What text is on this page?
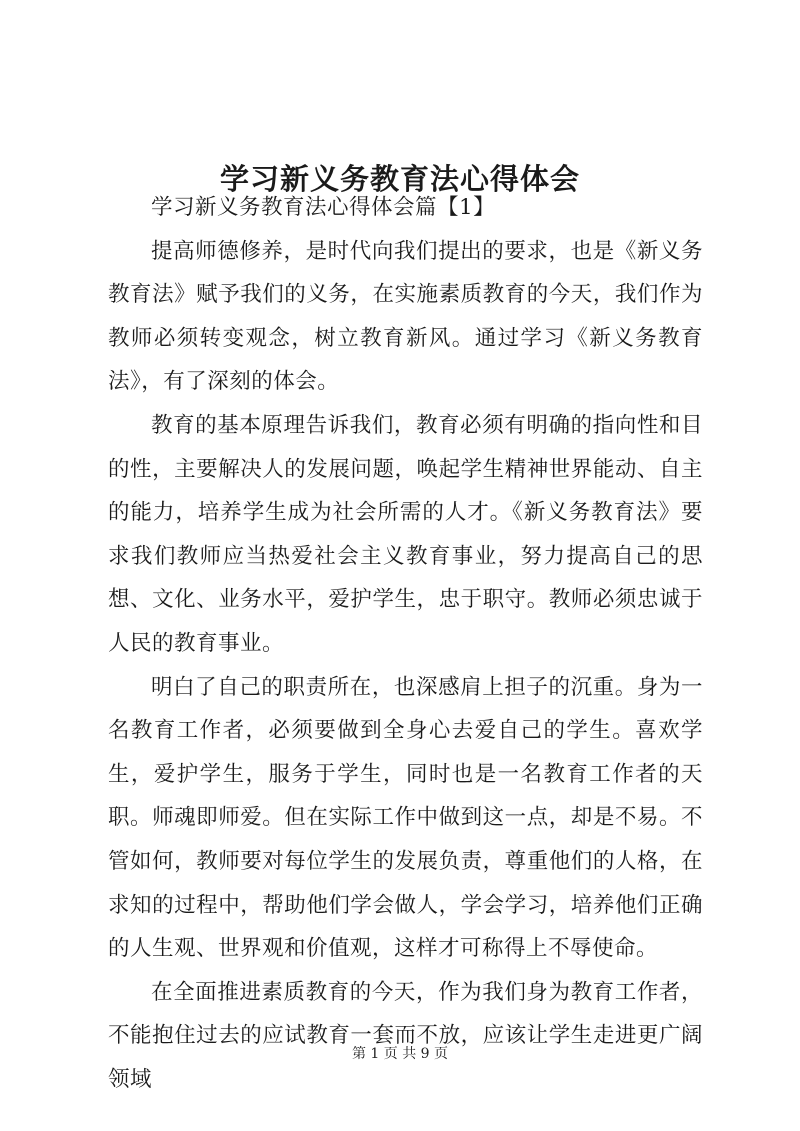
学习新义务教育法心得体会

学习新义务教育法心得体会篇【1】

提高师德修养，是时代向我们提出的要求，也是《新义务教育法》赋予我们的义务，在实施素质教育的今天，我们作为教师必须转变观念，树立教育新风。通过学习《新义务教育法》，有了深刻的体会。

教育的基本原理告诉我们，教育必须有明确的指向性和目的性，主要解决人的发展问题，唤起学生精神世界能动、自主的能力，培养学生成为社会所需的人才。《新义务教育法》要求我们教师应当热爱社会主义教育事业，努力提高自己的思想、文化、业务水平，爱护学生，忠于职守。教师必须忠诚于人民的教育事业。

明白了自己的职责所在，也深感肩上担子的沉重。身为一名教育工作者，必须要做到全身心去爱自己的学生。喜欢学生，爱护学生，服务于学生，同时也是一名教育工作者的天职。师魂即师爱。但在实际工作中做到这一点，却是不易。不管如何，教师要对每位学生的发展负责，尊重他们的人格，在求知的过程中，帮助他们学会做人，学会学习，培养他们正确的人生观、世界观和价值观，这样才可称得上不辱使命。

在全面推进素质教育的今天，作为我们身为教育工作者，不能抱住过去的应试教育一套而不放，应该让学生走进更广阔领域

第 1 页 共 9 页
